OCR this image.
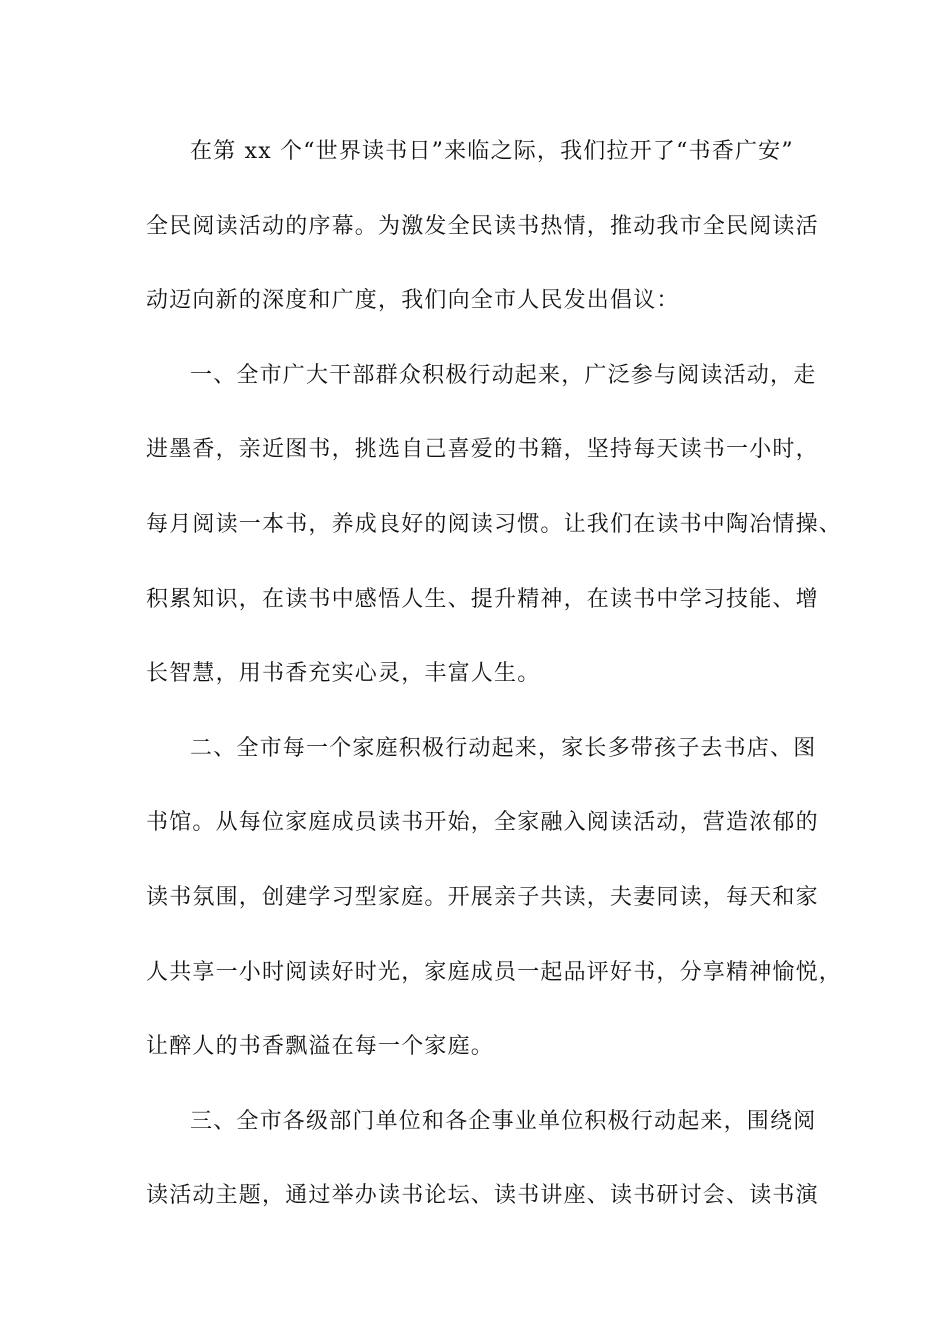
在第 xx 个“世界读书日”来临之际，我们拉开了“书香广安”
全民阅读活动的序幕。为激发全民读书热情，推动我市全民阅读活
动迈向新的深度和广度，我们向全市人民发出倡议：
一、全市广大干部群众积极行动起来，广泛参与阅读活动，走
进墨香，亲近图书，挑选自己喜爱的书籍，坚持每天读书一小时，
每月阅读一本书，养成良好的阅读习惯。让我们在读书中陶冶情操、
积累知识，在读书中感悟人生、提升精神，在读书中学习技能、增
长智慧，用书香充实心灵，丰富人生。
二、全市每一个家庭积极行动起来，家长多带孩子去书店、图
书馆。从每位家庭成员读书开始，全家融入阅读活动，营造浓郁的
读书氛围，创建学习型家庭。开展亲子共读，夫妻同读，每天和家
人共享一小时阅读好时光，家庭成员一起品评好书，分享精神愉悦，
让醉人的书香飘溢在每一个家庭。
三、全市各级部门单位和各企事业单位积极行动起来，围绕阅
读活动主题，通过举办读书论坛、读书讲座、读书研讨会、读书演
